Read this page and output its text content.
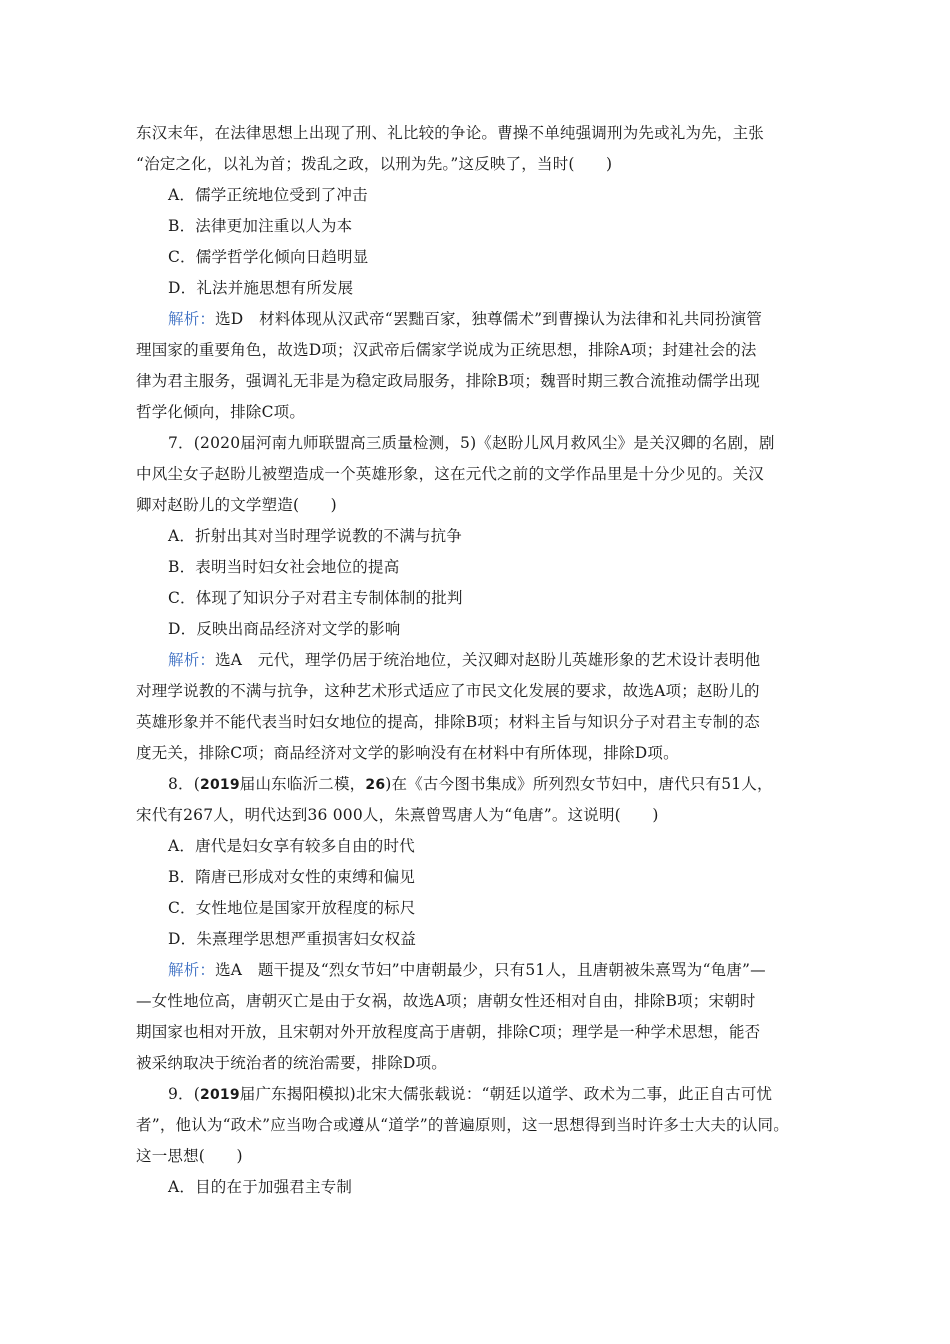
东汉末年，在法律思想上出现了刑、礼比较的争论。曹操不单纯强调刑为先或礼为先，主张
“治定之化，以礼为首；拨乱之政，以刑为先。”这反映了，当时(　　)
A．儒学正统地位受到了冲击
B．法律更加注重以人为本
C．儒学哲学化倾向日趋明显
D．礼法并施思想有所发展
解析：选D　材料体现从汉武帝“罢黜百家，独尊儒术”到曹操认为法律和礼共同扮演管
理国家的重要角色，故选D项；汉武帝后儒家学说成为正统思想，排除A项；封建社会的法
律为君主服务，强调礼无非是为稳定政局服务，排除B项；魏晋时期三教合流推动儒学出现
哲学化倾向，排除C项。
7．(2020届河南九师联盟高三质量检测，5)《赵盼儿风月救风尘》是关汉卿的名剧，剧
中风尘女子赵盼儿被塑造成一个英雄形象，这在元代之前的文学作品里是十分少见的。关汉
卿对赵盼儿的文学塑造(　　)
A．折射出其对当时理学说教的不满与抗争
B．表明当时妇女社会地位的提高
C．体现了知识分子对君主专制体制的批判
D．反映出商品经济对文学的影响
解析：选A　元代，理学仍居于统治地位，关汉卿对赵盼儿英雄形象的艺术设计表明他
对理学说教的不满与抗争，这种艺术形式适应了市民文化发展的要求，故选A项；赵盼儿的
英雄形象并不能代表当时妇女地位的提高，排除B项；材料主旨与知识分子对君主专制的态
度无关，排除C项；商品经济对文学的影响没有在材料中有所体现，排除D项。
8．(2019届山东临沂二模，26)在《古今图书集成》所列烈女节妇中，唐代只有51人，
宋代有267人，明代达到36 000人，朱熹曾骂唐人为“龟唐”。这说明(　　)
A．唐代是妇女享有较多自由的时代
B．隋唐已形成对女性的束缚和偏见
C．女性地位是国家开放程度的标尺
D．朱熹理学思想严重损害妇女权益
解析：选A　题干提及“烈女节妇”中唐朝最少，只有51人，且唐朝被朱熹骂为“龟唐”—
—女性地位高，唐朝灭亡是由于女祸，故选A项；唐朝女性还相对自由，排除B项；宋朝时
期国家也相对开放，且宋朝对外开放程度高于唐朝，排除C项；理学是一种学术思想，能否
被采纳取决于统治者的统治需要，排除D项。
9．(2019届广东揭阳模拟)北宋大儒张载说：“朝廷以道学、政术为二事，此正自古可忧
者”，他认为“政术”应当吻合或遵从“道学”的普遍原则，这一思想得到当时许多士大夫的认同。
这一思想(　　)
A．目的在于加强君主专制
